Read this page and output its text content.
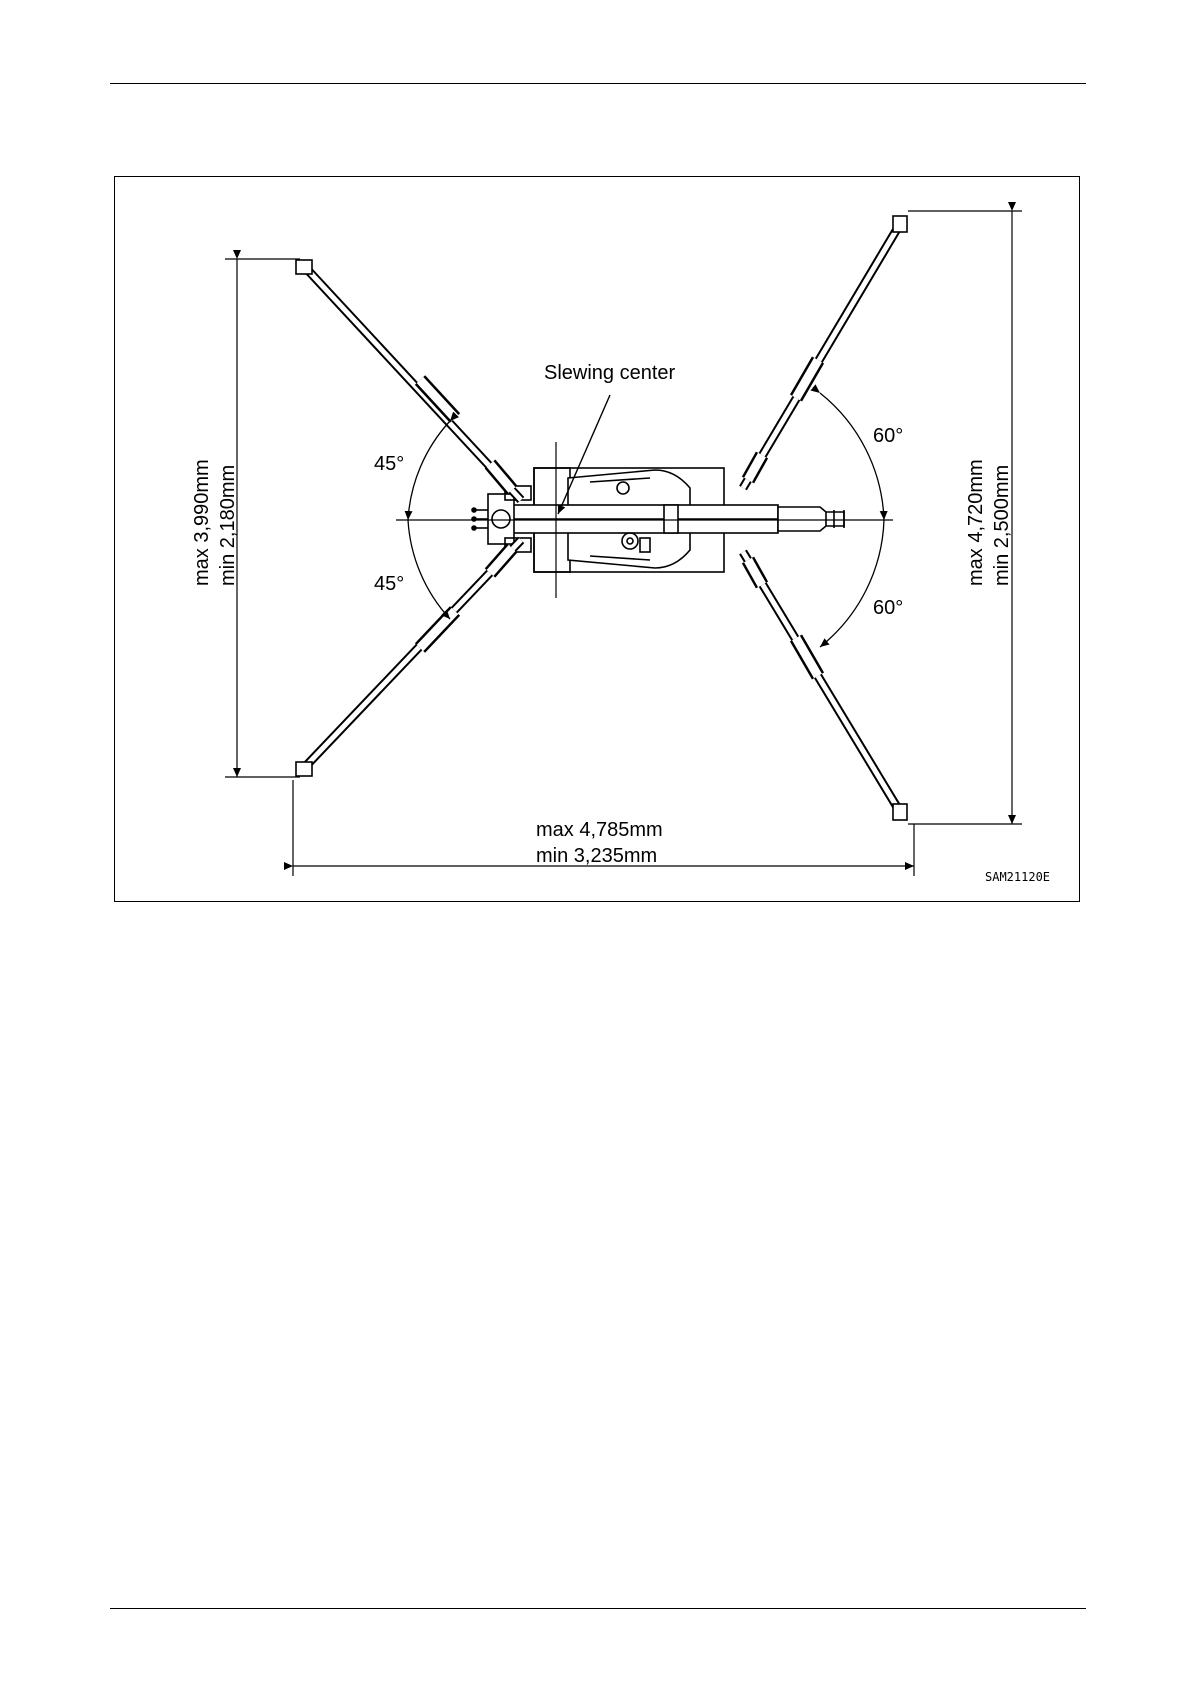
Slewing center
45°
45°
60°
60°
max 3,990mm min 2,180mm	max 4,720mm min 2,500mm
max 4,785mm
min 3,235mm
SAM21120E
